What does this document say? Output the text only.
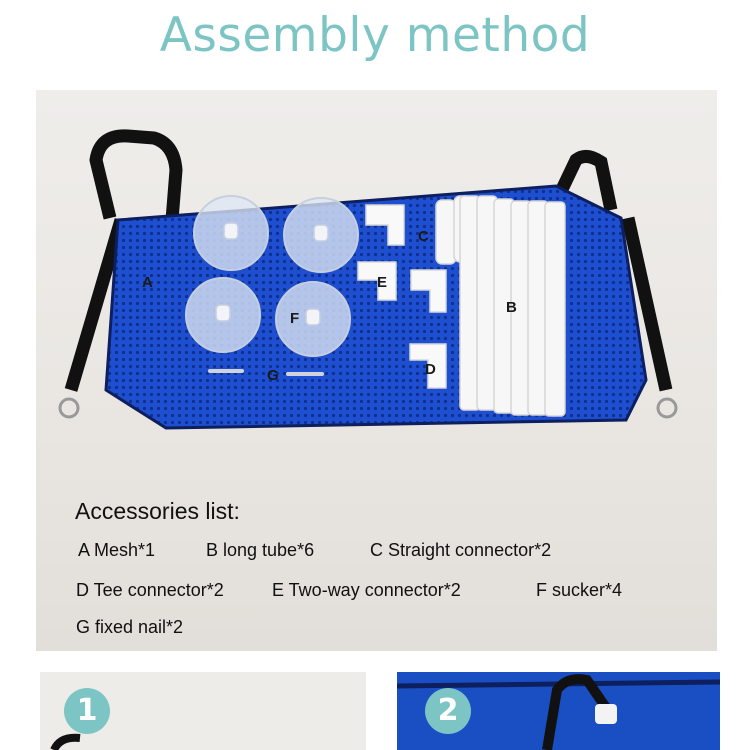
Assembly method
A
B
C
D
E
F
G
Accessories list:
A Mesh*1	B long tube*6	C Straight connector*2
D Tee connector*2	E Two-way connector*2	F sucker*4
G fixed nail*2
1	2
